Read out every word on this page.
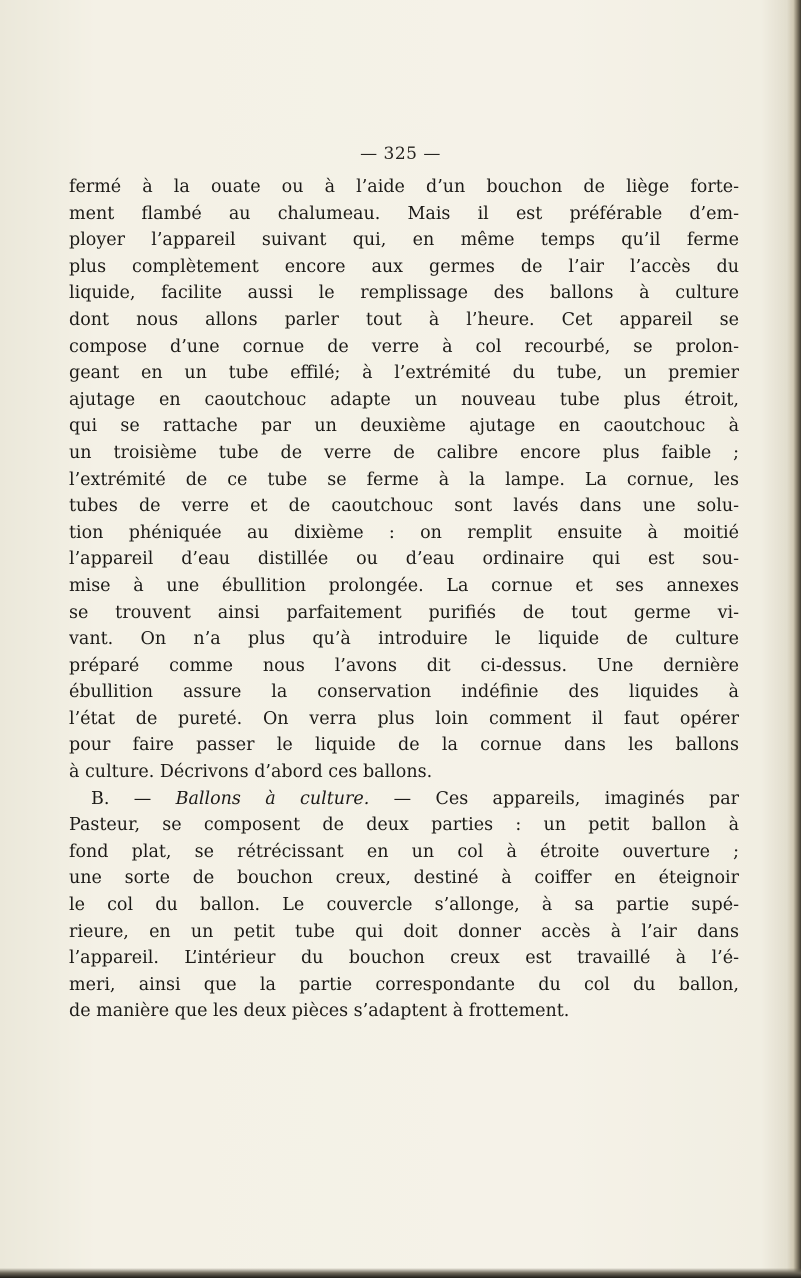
— 325 —
fermé à la ouate ou à l’aide d’un bouchon de liège forte-
ment flambé au chalumeau. Mais il est préférable d’em-
ployer l’appareil suivant qui, en même temps qu’il ferme
plus complètement encore aux germes de l’air l’accès du
liquide, facilite aussi le remplissage des ballons à culture
dont nous allons parler tout à l’heure. Cet appareil se
compose d’une cornue de verre à col recourbé, se prolon-
geant en un tube effilé; à l’extrémité du tube, un premier
ajutage en caoutchouc adapte un nouveau tube plus étroit,
qui se rattache par un deuxième ajutage en caoutchouc à
un troisième tube de verre de calibre encore plus faible ;
l’extrémité de ce tube se ferme à la lampe. La cornue, les
tubes de verre et de caoutchouc sont lavés dans une solu-
tion phéniquée au dixième : on remplit ensuite à moitié
l’appareil d’eau distillée ou d’eau ordinaire qui est sou-
mise à une ébullition prolongée. La cornue et ses annexes
se trouvent ainsi parfaitement purifiés de tout germe vi-
vant. On n’a plus qu’à introduire le liquide de culture
préparé comme nous l’avons dit ci-dessus. Une dernière
ébullition assure la conservation indéfinie des liquides à
l’état de pureté. On verra plus loin comment il faut opérer
pour faire passer le liquide de la cornue dans les ballons
à culture. Décrivons d’abord ces ballons.
B. — Ballons à culture. — Ces appareils, imaginés par
Pasteur, se composent de deux parties : un petit ballon à
fond plat, se rétrécissant en un col à étroite ouverture ;
une sorte de bouchon creux, destiné à coiffer en éteignoir
le col du ballon. Le couvercle s’allonge, à sa partie supé-
rieure, en un petit tube qui doit donner accès à l’air dans
l’appareil. L’intérieur du bouchon creux est travaillé à l’é-
meri, ainsi que la partie correspondante du col du ballon,
de manière que les deux pièces s’adaptent à frottement.
